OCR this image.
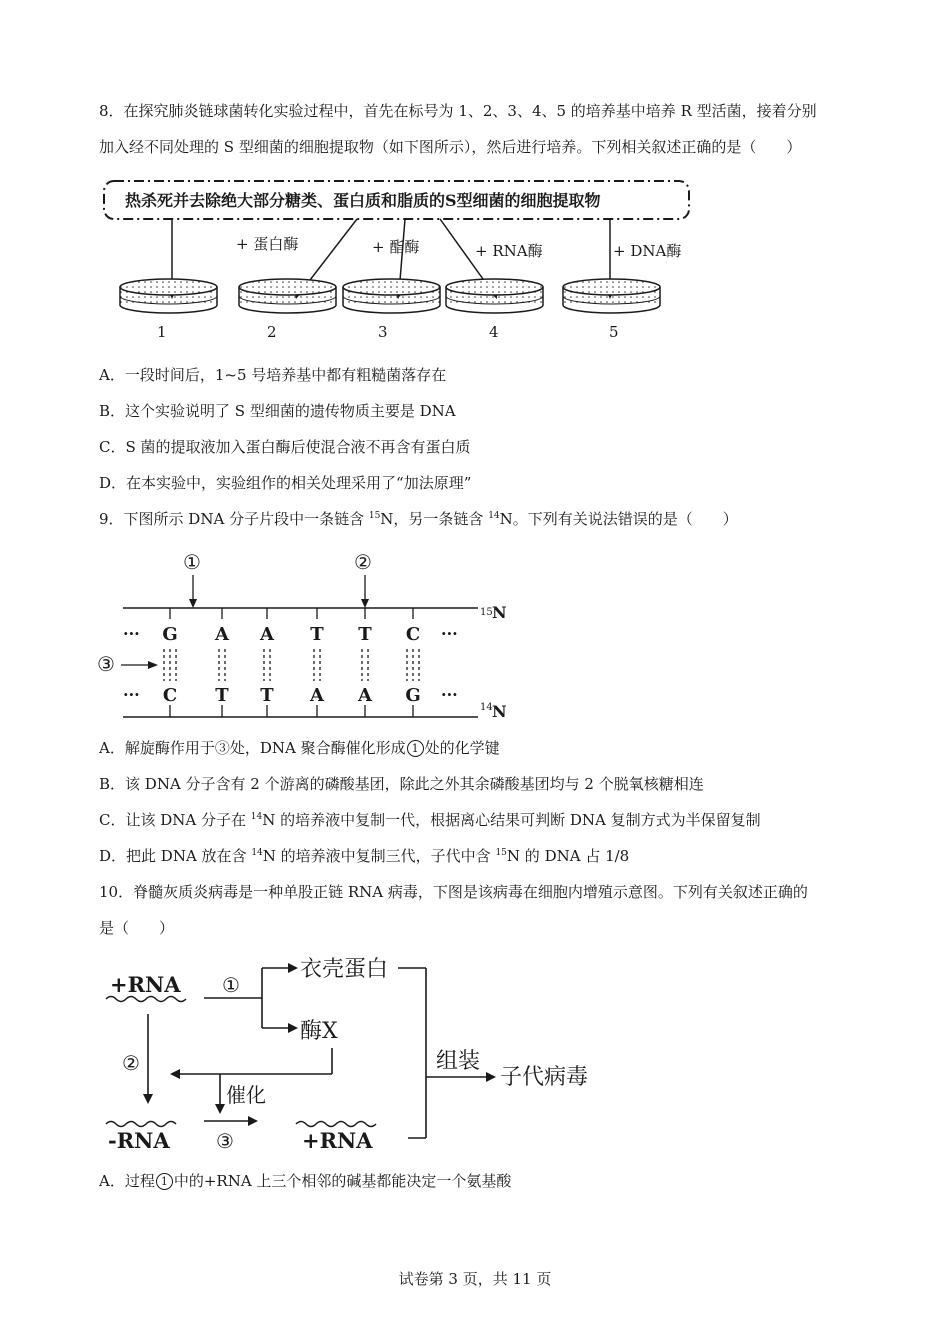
8．在探究肺炎链球菌转化实验过程中，首先在标号为 1、2、3、4、5 的培养基中培养 R 型活菌，接着分别

加入经不同处理的 S 型细菌的细胞提取物（如下图所示），然后进行培养。下列相关叙述正确的是（　　）

热杀死并去除绝大部分糖类、蛋白质和脂质的S型细菌的细胞提取物
+ 蛋白酶	+ 酯酶	+ RNA酶	+ DNA酶
1	2	3	4	5

A．一段时间后，1~5 号培养基中都有粗糙菌落存在

B．这个实验说明了 S 型细菌的遗传物质主要是 DNA

C．S 菌的提取液加入蛋白酶后使混合液不再含有蛋白质

D．在本实验中，实验组作的相关处理采用了“加法原理”

9．下图所示 DNA 分子片段中一条链含 $^{15}$N，另一条链含 $^{14}$N。下列有关说法错误的是（　　）

①	②
15 N
14 N
···	···
···	···
G A A T T C
C T T A A G
③

A．解旋酶作用于③处，DNA 聚合酶催化形成 1 处的化学键

B．该 DNA 分子含有 2 个游离的磷酸基团，除此之外其余磷酸基团均与 2 个脱氧核糖相连

C．让该 DNA 分子在 $^{14}$N 的培养液中复制一代，根据离心结果可判断 DNA 复制方式为半保留复制

D．把此 DNA 放在含 $^{14}$N 的培养液中复制三代，子代中含 $^{15}$N 的 DNA 占 1/8

10．脊髓灰质炎病毒是一种单股正链 RNA 病毒，下图是该病毒在细胞内增殖示意图。下列有关叙述正确的

是（　　）

+RNA ①
衣壳蛋白
酶X
组装
子代病毒
②
催化
-RNA ③	+RNA

A．过程 1 中的+RNA 上三个相邻的碱基都能决定一个氨基酸

试卷第 3 页，共 11 页
